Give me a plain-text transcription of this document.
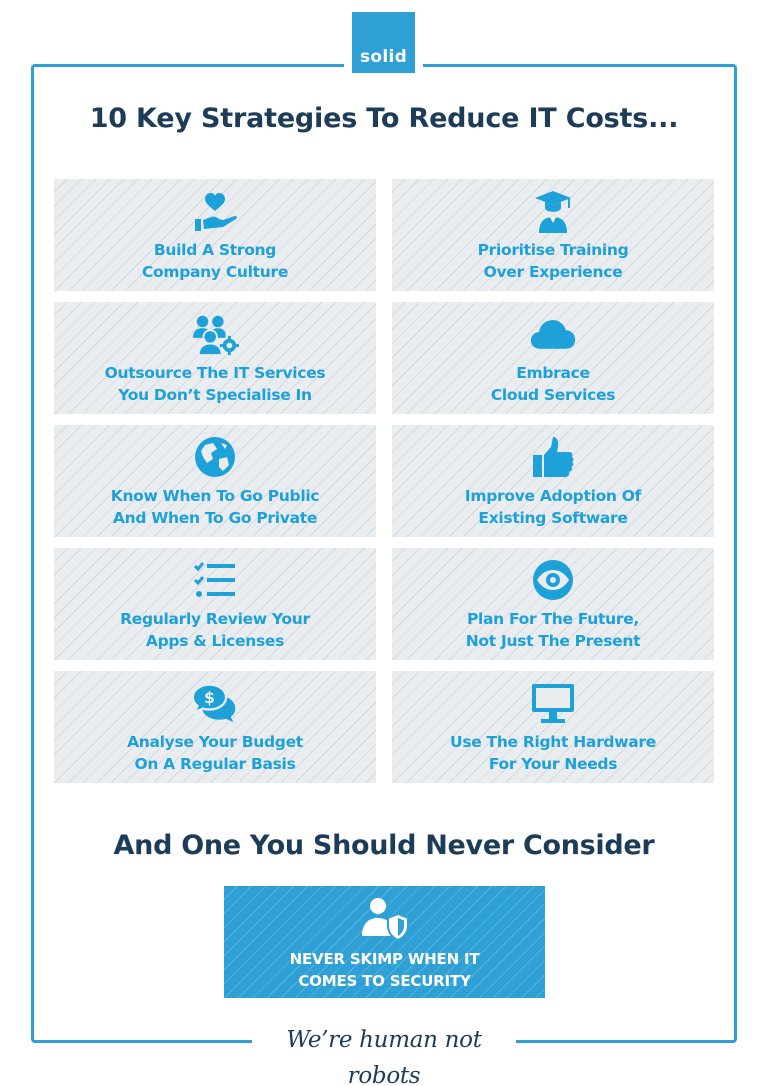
solid
10 Key Strategies To Reduce IT Costs...
Build A Strong
Company Culture
Prioritise Training
Over Experience
Outsource The IT Services
You Don’t Specialise In
Embrace
Cloud Services
Know When To Go Public
And When To Go Private
Improve Adoption Of
Existing Software
Regularly Review Your
Apps & Licenses
Plan For The Future,
Not Just The Present
$
Analyse Your Budget
On A Regular Basis
Use The Right Hardware
For Your Needs
And One You Should Never Consider
NEVER SKIMP WHEN IT
COMES TO SECURITY
We’re human not robots
